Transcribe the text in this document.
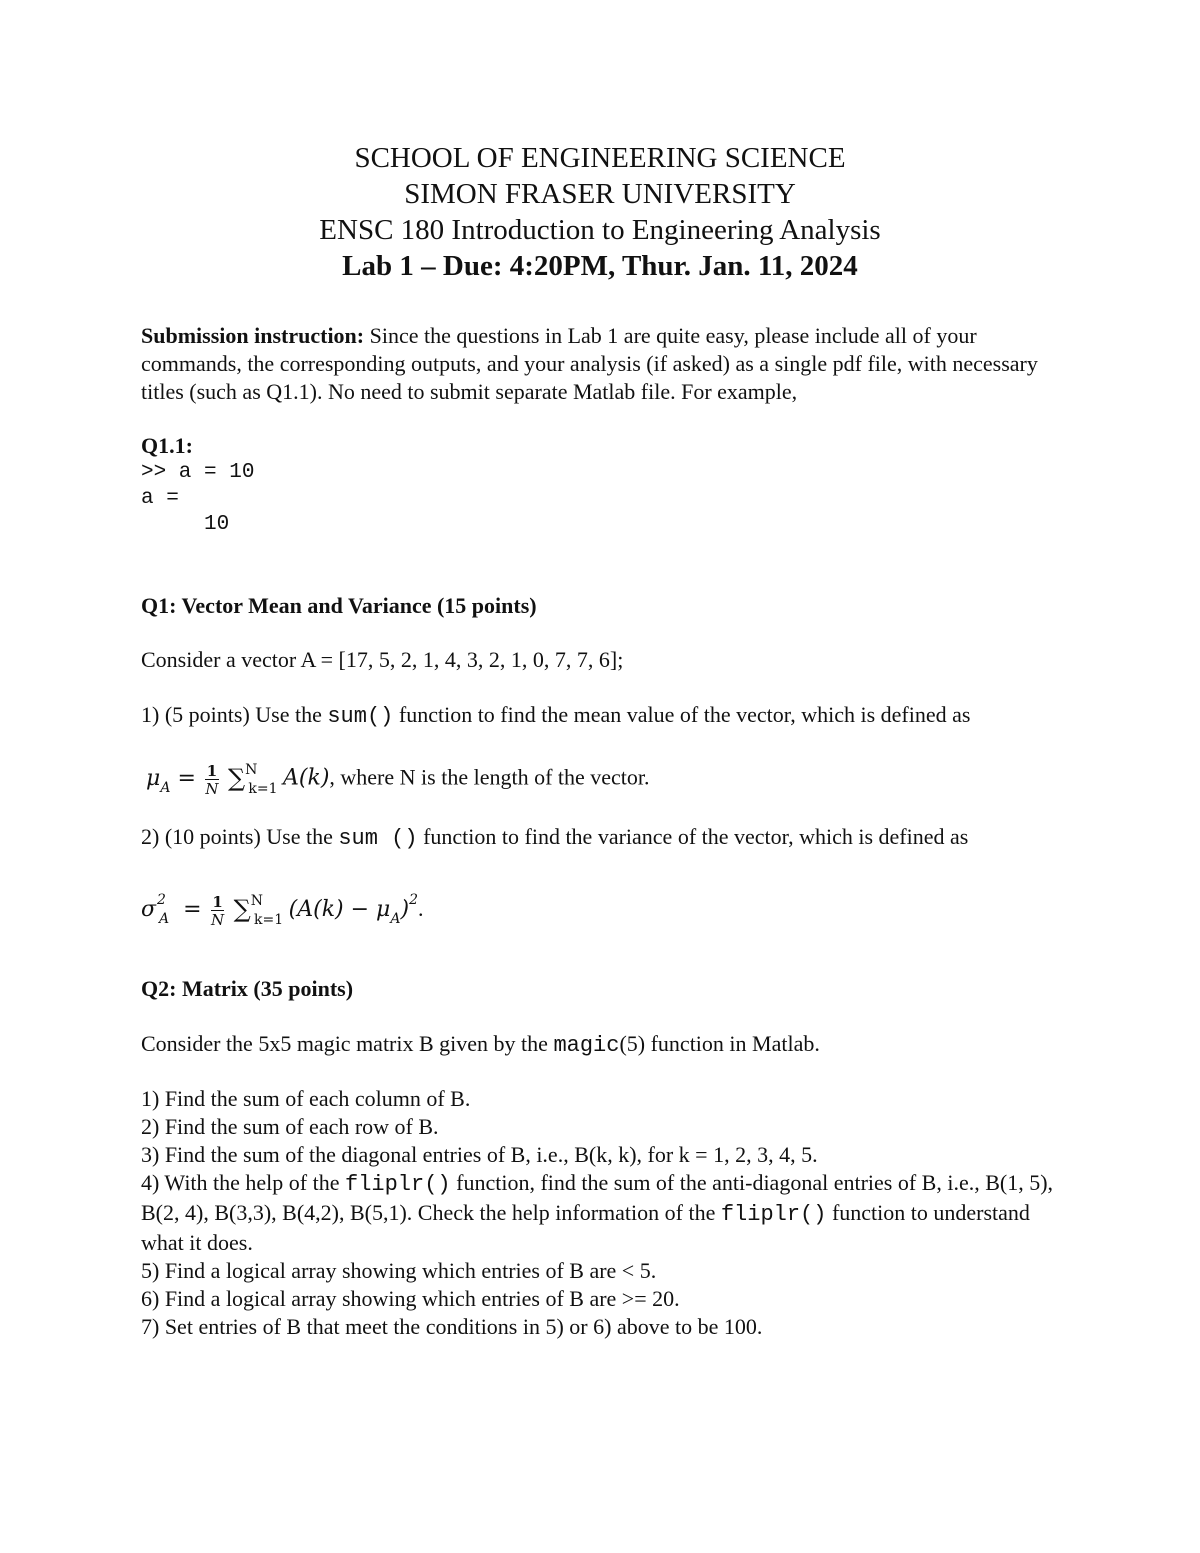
SCHOOL OF ENGINEERING SCIENCE
SIMON FRASER UNIVERSITY
ENSC 180 Introduction to Engineering Analysis
Lab 1 – Due: 4:20PM, Thur. Jan. 11, 2024
Submission instruction: Since the questions in Lab 1 are quite easy, please include all of your commands, the corresponding outputs, and your analysis (if asked) as a single pdf file, with necessary titles (such as Q1.1). No need to submit separate Matlab file. For example,
Q1.1:
>> a = 10
a =
10
Q1: Vector Mean and Variance (15 points)
Consider a vector A = [17, 5, 2, 1, 4, 3, 2, 1, 0, 7, 7, 6];
1) (5 points) Use the sum() function to find the mean value of the vector, which is defined as
$\mu_A = \frac{1}{N} \sum^N_{k=1}$ A(k), where N is the length of the vector.
2) (10 points) Use the sum () function to find the variance of the vector, which is defined as
$\sigma^2_A = \frac{1}{N} \sum^N_{k=1}$ $(A(k) - \mu_A)^2$.
Q2: Matrix (35 points)
Consider the 5x5 magic matrix B given by the magic(5) function in Matlab.
1) Find the sum of each column of B.
2) Find the sum of each row of B.
3) Find the sum of the diagonal entries of B, i.e., B(k, k), for k = 1, 2, 3, 4, 5.
4) With the help of the fliplr() function, find the sum of the anti-diagonal entries of B, i.e., B(1, 5), B(2, 4), B(3,3), B(4,2), B(5,1). Check the help information of the fliplr() function to understand what it does.
5) Find a logical array showing which entries of B are < 5.
6) Find a logical array showing which entries of B are >= 20.
7) Set entries of B that meet the conditions in 5) or 6) above to be 100.
